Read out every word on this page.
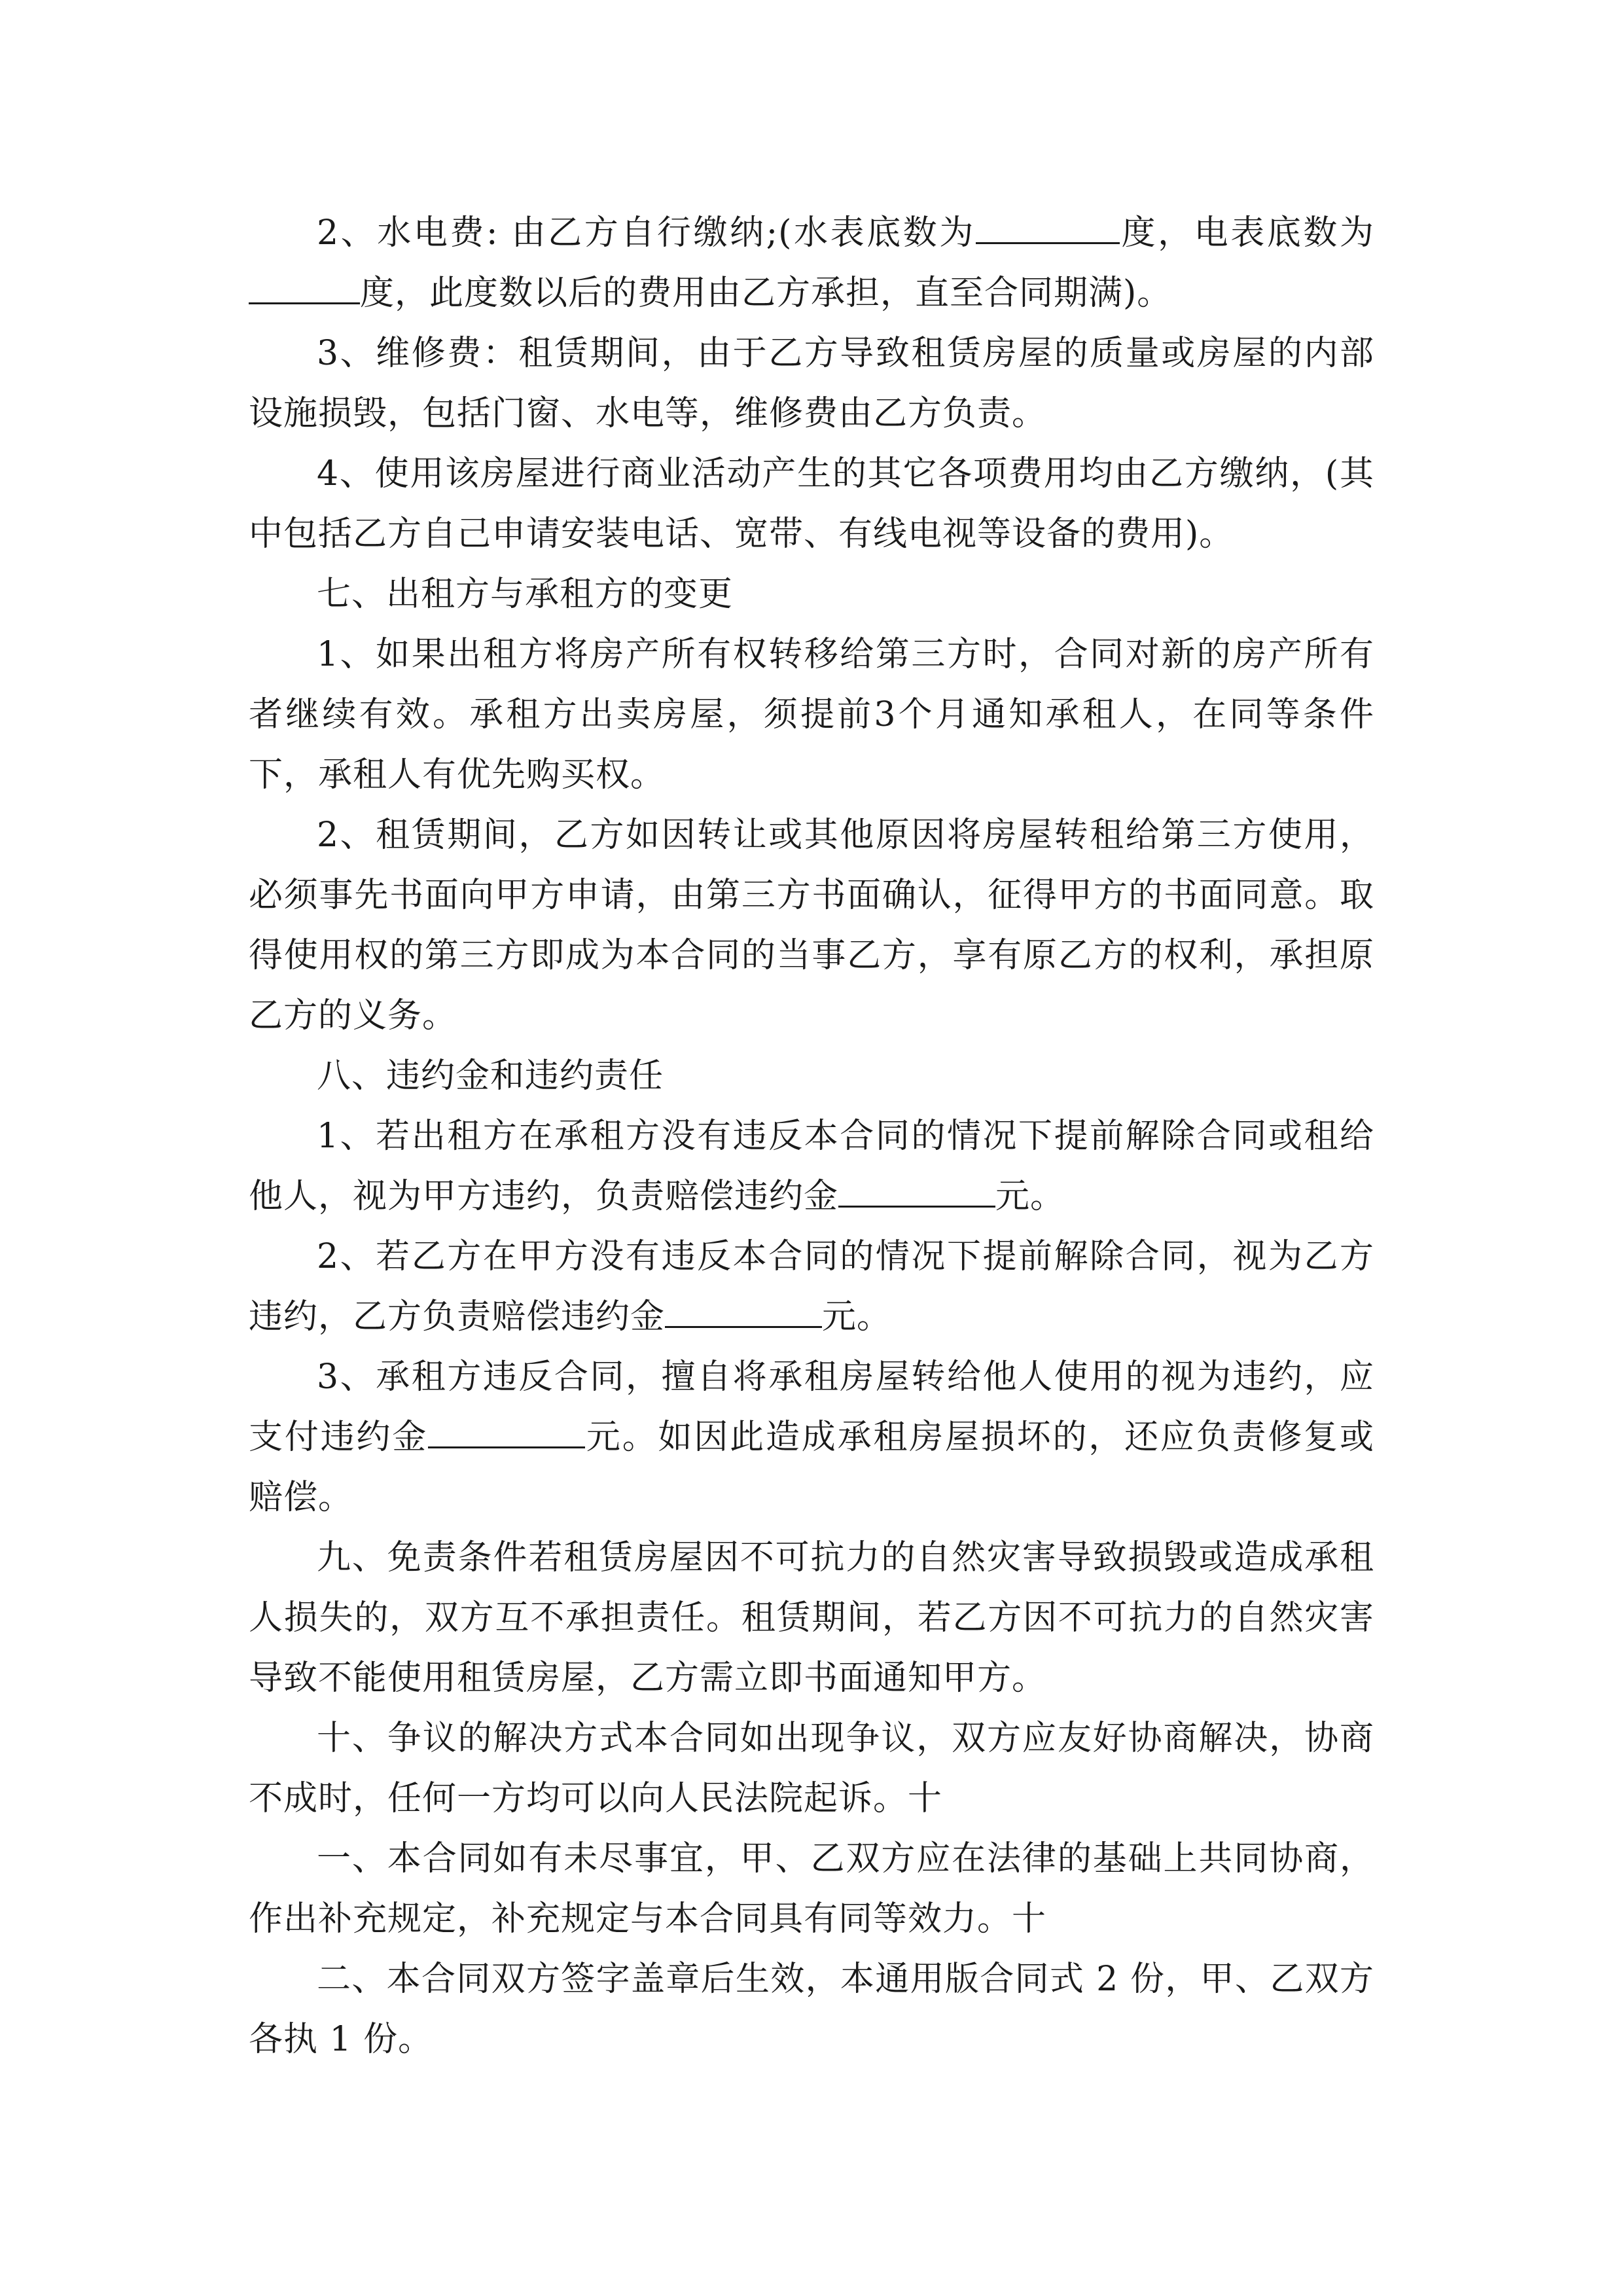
2、水电费: 由乙方自行缴纳;(水表底数为	度，电表底数为度，此度数以后的费用由乙方承担，直至合同期满)。

3、维修费：租赁期间，由于乙方导致租赁房屋的质量或房屋的内部设施损毁，包括门窗、水电等，维修费由乙方负责。

4、使用该房屋进行商业活动产生的其它各项费用均由乙方缴纳，(其中包括乙方自己申请安装电话、宽带、有线电视等设备的费用)。

七、出租方与承租方的变更

1、如果出租方将房产所有权转移给第三方时，合同对新的房产所有者继续有效。承租方出卖房屋，须提前3个月通知承租人，在同等条件下，承租人有优先购买权。

2、租赁期间，乙方如因转让或其他原因将房屋转租给第三方使用，必须事先书面向甲方申请，由第三方书面确认，征得甲方的书面同意。取得使用权的第三方即成为本合同的当事乙方，享有原乙方的权利，承担原乙方的义务。

八、违约金和违约责任

1、若出租方在承租方没有违反本合同的情况下提前解除合同或租给他人，视为甲方违约，负责赔偿违约金	元。

2、若乙方在甲方没有违反本合同的情况下提前解除合同，视为乙方违约，乙方负责赔偿违约金	元。

3、承租方违反合同，擅自将承租房屋转给他人使用的视为违约，应支付违约金	元。如因此造成承租房屋损坏的，还应负责修复或赔偿。

九、免责条件若租赁房屋因不可抗力的自然灾害导致损毁或造成承租人损失的，双方互不承担责任。租赁期间，若乙方因不可抗力的自然灾害导致不能使用租赁房屋，乙方需立即书面通知甲方。

十、争议的解决方式本合同如出现争议，双方应友好协商解决，协商不成时，任何一方均可以向人民法院起诉。十

一、本合同如有未尽事宜，甲、乙双方应在法律的基础上共同协商，作出补充规定，补充规定与本合同具有同等效力。十

二、本合同双方签字盖章后生效，本通用版合同式 2 份，甲、乙双方各执 1 份。
